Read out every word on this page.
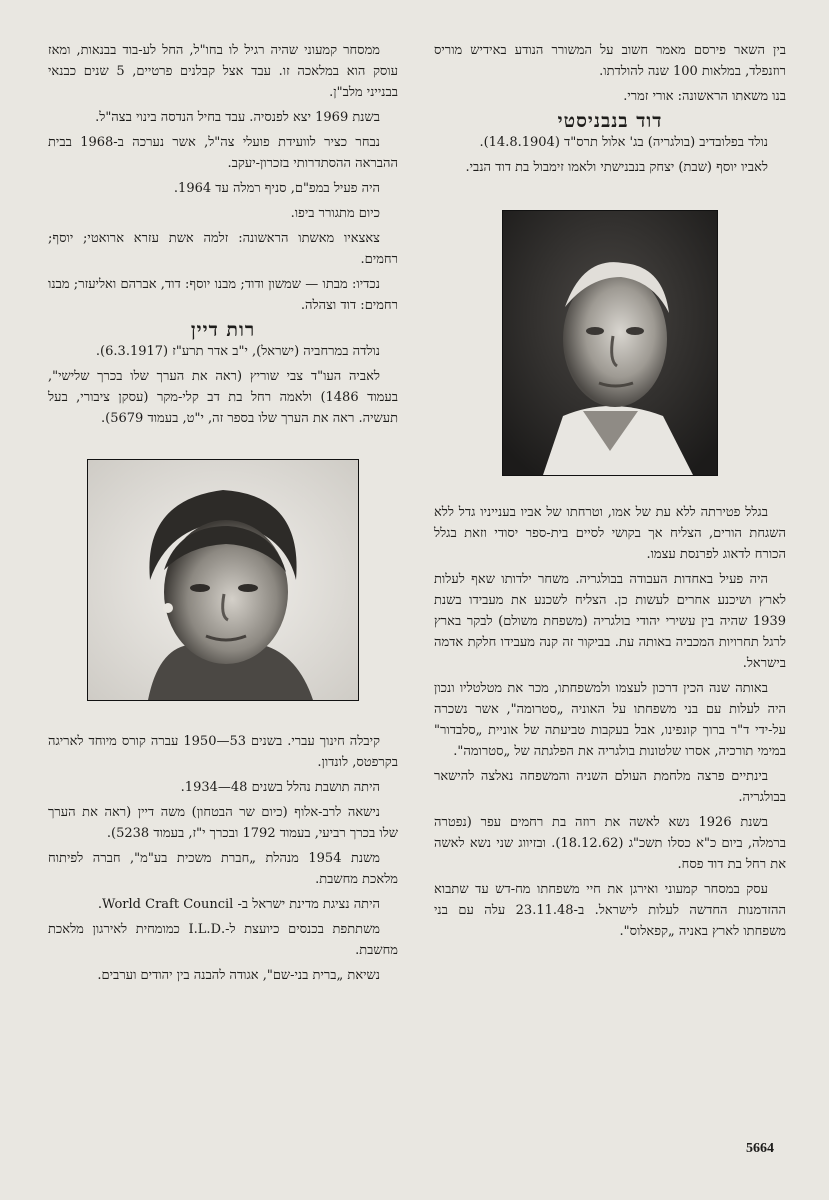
בין השאר פירסם מאמר חשוב על המשורר הנודע באידיש מוריס רוזנפלד, במלאות 100 שנה להולדתו.

בנו משאתו הראשונה: אורי זמרי.

דוד בנבניסטי

נולד בפלובדיב (בולגריה) בג' אלול תרס"ד (14.8.1904).

לאביו יוסף (שבת) יצחק בנבנישתי ולאמו זימבול בת דוד הנבי.

בגלל פטירתה ללא עת של אמו, וטרחתו של אביו בענייניו גדל ללא השגחת הורים, הצליח אך בקושי לסיים בית-ספר יסודי וזאת בגלל הכורח לדאוג לפרנסת עצמו.

היה פעיל באחדות העבודה בבולגריה. משחר ילדותו שאף לעלות לארץ ושיכנע אחרים לעשות כן. הצליח לשכנע את מעבידו בשנת 1939 שהיה בין עשירי יהודי בולגריה (משפחת משולם) לבקר בארץ לרגל תחרויות המכביה באותה עת. בביקור זה קנה מעבידו חלקת אדמה בישראל.

באותה שנה הכין דרכון לעצמו ולמשפחתו, מכר את מטלטליו ונכון היה לעלות עם בני משפחתו על האוניה „סטרומה", אשר נשכרה על-ידי ד"ר ברוך קונפינו, אבל בעקבות טביעתה של אוניית „סלבדור" במימי תורכיה, אסרו שלטונות בולגריה את הפלגתה של „סטרומה".

בינתיים פרצה מלחמת העולם השניה והמשפחה נאלצה להישאר בבולגריה.

בשנת 1926 נשא לאשה את רוזה בת רחמים עפר (נפטרה ברמלה, ביום כ"א כסלו תשכ"ג (18.12.62). ובזיווג שני נשא לאשה את רחל בת דוד פסח.

עסק במסחר קמעוני ואירגן את חיי משפחתו מח-דש עד שתבוא ההזדמנות החדשה לעלות לישראל. ב-23.11.48 עלה עם בני משפחתו לארץ באניה „קפאלוס".

ממסחר קמעוני שהיה רגיל לו בחו"ל, החל לע-בוד בבנאות, ומאז עוסק הוא במלאכה זו. עבד אצל קבלנים פרטיים, 5 שנים כבנאי בבנייני מלב"ן.

בשנת 1969 יצא לפנסיה. עבד בחיל הנדסה בינוי בצה"ל.

נבחר כציר לוועידת פועלי צה"ל, אשר נערכה ב-1968 בבית ההבראה ההסתדרותי בזכרון-יעקב.

היה פעיל במפ"ם, סניף רמלה עד 1964.

כיום מתגורר ביפו.

צאצאיו מאשתו הראשונה: זלמה אשת עזרא ארואטי; יוסף; רחמים.

נכדיו: מבתו — שמשון ודוד; מבנו יוסף: דוד, אברהם ואליעזר; מבנו רחמים: דוד וצהלה.

רות דיין

נולדה במרחביה (ישראל), י"ב אדר תרע"ז (6.3.1917).

לאביה העו"ד צבי שוריץ (ראה את הערך שלו בכרך שלישי", בעמוד 1486) ולאמה רחל בת דב קלי-מקר (עסקן ציבורי, בעל תעשיה. ראה את הערך שלו בספר זה, י"ט, בעמוד 5679).

קיבלה חינוך עברי. בשנים 53—1950 עברה קורס מיוחד לאריגה בקרפטס, לונדון.

היתה תושבת נהלל בשנים 48—1934.

נישאה לרב-אלוף (כיום שר הבטחון) משה דיין (ראה את הערך שלו בכרך רביעי, בעמוד 1792 ובכרך י"ז, בעמוד 5238).

משנת 1954 מנהלת „חברת משכית בע"מ", חברה לפיתוח מלאכת מחשבת.

היתה נציגת מדינת ישראל ב- World Craft Council.

משתתפת בכנסים כיועצת ל-.I.L.D כמומחית לאירגון מלאכת מחשבת.

נשיאת „ברית בני-שם", אגודה להבנה בין יהודים וערבים.

5664
